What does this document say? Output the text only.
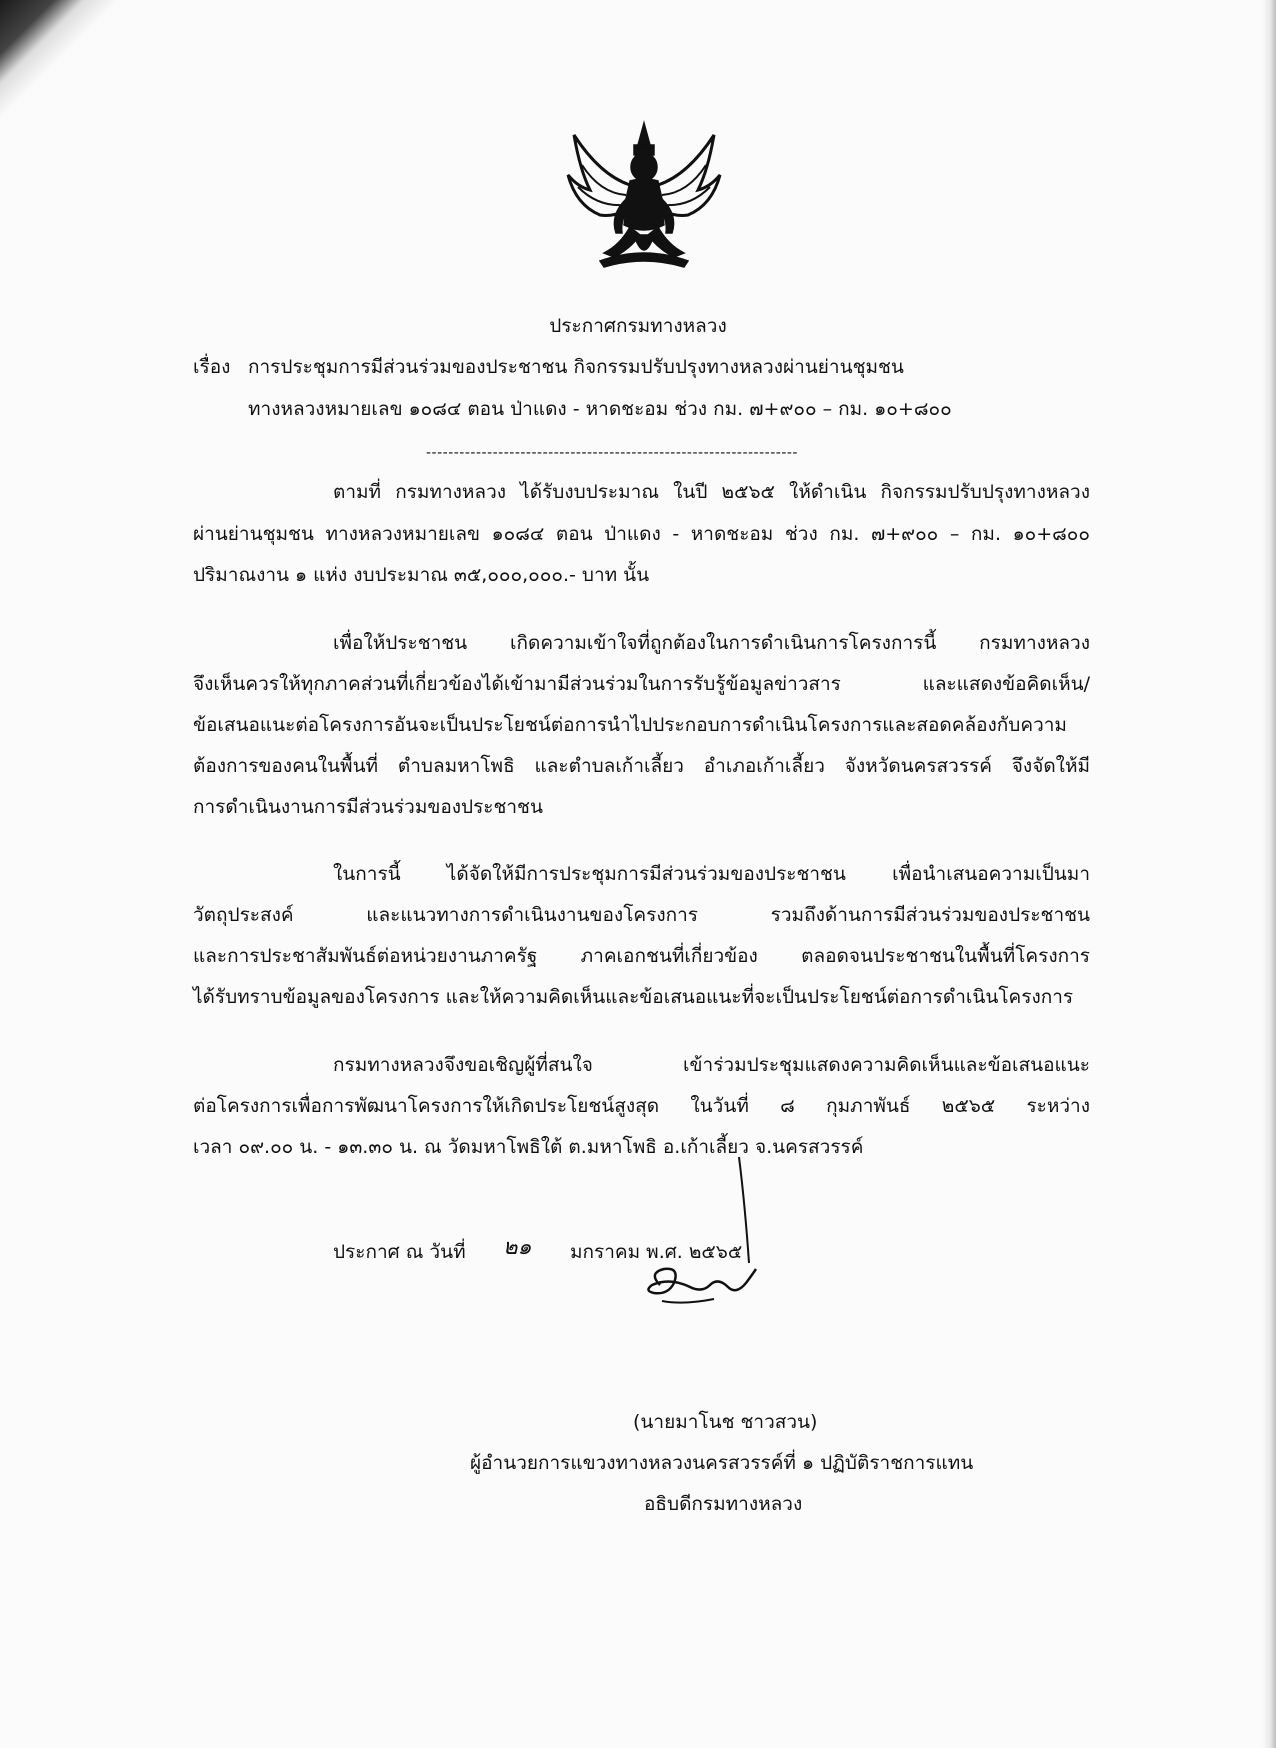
ประกาศกรมทางหลวง
เรื่อง การประชุมการมีส่วนร่วมของประชาชน กิจกรรมปรับปรุงทางหลวงผ่านย่านชุมชน
ทางหลวงหมายเลข ๑๐๘๔ ตอน ป่าแดง - หาดชะอม ช่วง กม. ๗+๙๐๐ – กม. ๑๐+๘๐๐
-------------------------------------------------------------------
ตามที่ กรมทางหลวง ได้รับงบประมาณ ในปี ๒๕๖๕ ให้ดำเนิน กิจกรรมปรับปรุงทางหลวง
ผ่านย่านชุมชน ทางหลวงหมายเลข ๑๐๘๔ ตอน ป่าแดง - หาดชะอม ช่วง กม. ๗+๙๐๐ – กม. ๑๐+๘๐๐
ปริมาณงาน ๑ แห่ง งบประมาณ ๓๕,๐๐๐,๐๐๐.- บาท นั้น
เพื่อให้ประชาชน เกิดความเข้าใจที่ถูกต้องในการดำเนินการโครงการนี้ กรมทางหลวง
จึงเห็นควรให้ทุกภาคส่วนที่เกี่ยวข้องได้เข้ามามีส่วนร่วมในการรับรู้ข้อมูลข่าวสาร และแสดงข้อคิดเห็น/
ข้อเสนอแนะต่อโครงการอันจะเป็นประโยชน์ต่อการนำไปประกอบการดำเนินโครงการและสอดคล้องกับความ
ต้องการของคนในพื้นที่ ตำบลมหาโพธิ และตำบลเก้าเลี้ยว อำเภอเก้าเลี้ยว จังหวัดนครสวรรค์ จึงจัดให้มี
การดำเนินงานการมีส่วนร่วมของประชาชน
ในการนี้ ได้จัดให้มีการประชุมการมีส่วนร่วมของประชาชน เพื่อนำเสนอความเป็นมา
วัตถุประสงค์ และแนวทางการดำเนินงานของโครงการ รวมถึงด้านการมีส่วนร่วมของประชาชน
และการประชาสัมพันธ์ต่อหน่วยงานภาครัฐ ภาคเอกชนที่เกี่ยวข้อง ตลอดจนประชาชนในพื้นที่โครงการ
ได้รับทราบข้อมูลของโครงการ และให้ความคิดเห็นและข้อเสนอแนะที่จะเป็นประโยชน์ต่อการดำเนินโครงการ
กรมทางหลวงจึงขอเชิญผู้ที่สนใจ เข้าร่วมประชุมแสดงความคิดเห็นและข้อเสนอแนะ
ต่อโครงการเพื่อการพัฒนาโครงการให้เกิดประโยชน์สูงสุด ในวันที่ ๘ กุมภาพันธ์ ๒๕๖๕ ระหว่าง
เวลา ๐๙.๐๐ น. - ๑๓.๓๐ น. ณ วัดมหาโพธิใต้ ต.มหาโพธิ อ.เก้าเลี้ยว จ.นครสวรรค์
ประกาศ ณ วันที่ ๒๑ มกราคม พ.ศ. ๒๕๖๕
(นายมาโนช ชาวสวน)
ผู้อำนวยการแขวงทางหลวงนครสวรรค์ที่ ๑ ปฏิบัติราชการแทน
อธิบดีกรมทางหลวง
